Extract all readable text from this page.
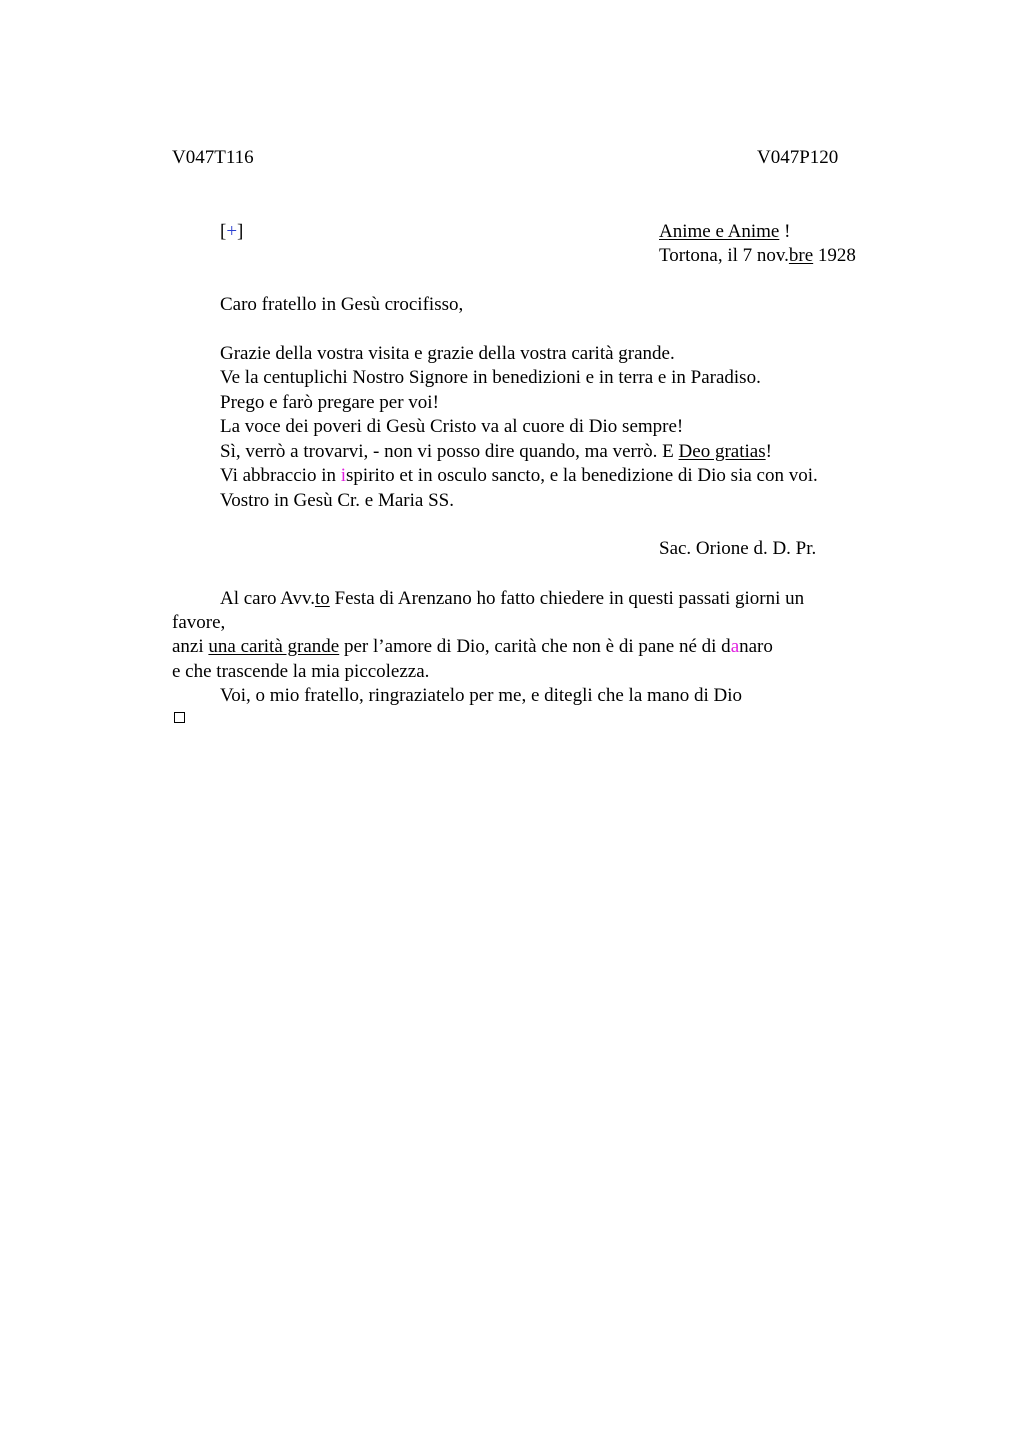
V047T116	V047P120
[+]	Anime e Anime !
Tortona, il 7 nov.bre 1928
Caro fratello in Gesù crocifisso,
Grazie della vostra visita e grazie della vostra carità grande.
Ve la centuplichi Nostro Signore in benedizioni e in terra e in Paradiso.
Prego e farò pregare per voi!
La voce dei poveri di Gesù Cristo va al cuore di Dio sempre!
Sì, verrò a trovarvi, - non vi posso dire quando, ma verrò. E Deo gratias!
Vi abbraccio in ispirito et in osculo sancto, e la benedizione di Dio sia con voi.
Vostro in Gesù Cr. e Maria SS.
Sac. Orione d. D. Pr.
Al caro Avv.to Festa di Arenzano ho fatto chiedere in questi passati giorni un
favore,
anzi una carità grande per l’amore di Dio, carità che non è di pane né di danaro
e che trascende la mia piccolezza.
Voi, o mio fratello, ringraziatelo per me, e ditegli che la mano di Dio
